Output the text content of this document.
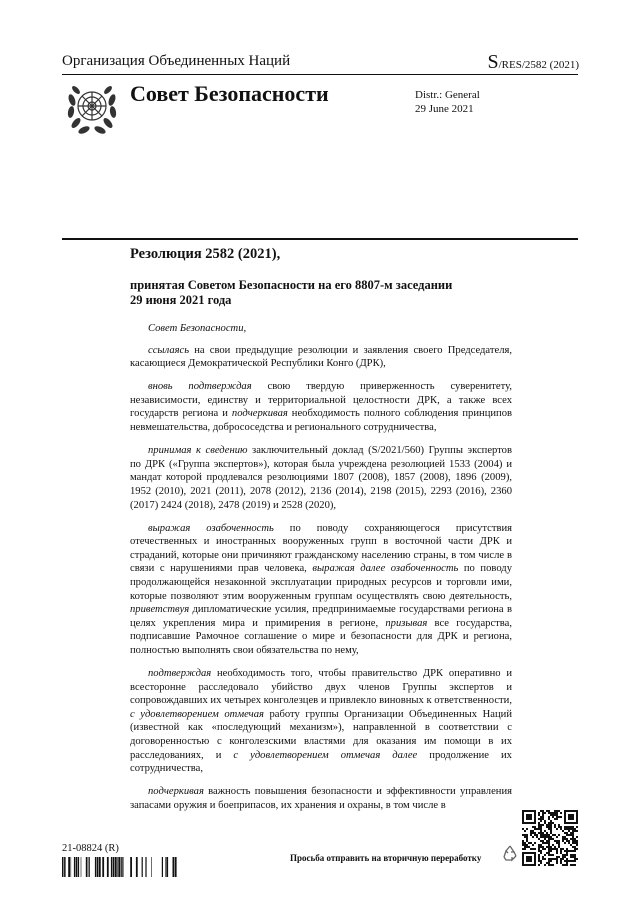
Организация Объединенных Наций	S/RES/2582 (2021)
Совет Безопасности	Distr.: General
29 June 2021
Резолюция 2582 (2021),
принятая Советом Безопасности на его 8807-м заседании
29 июня 2021 года

Совет Безопасности,

ссылаясь на свои предыдущие резолюции и заявления своего Председателя, касающиеся Демократической Республики Конго (ДРК),

вновь подтверждая свою твердую приверженность суверенитету, независимости, единству и территориальной целостности ДРК, а также всех государств региона и подчеркивая необходимость полного соблюдения принципов невмешательства, добрососедства и регионального сотрудничества,

принимая к сведению заключительный доклад (S/2021/560) Группы экспертов по ДРК («Группа экспертов»), которая была учреждена резолюцией 1533 (2004) и мандат которой продлевался резолюциями 1807 (2008), 1857 (2008), 1896 (2009), 1952 (2010), 2021 (2011), 2078 (2012), 2136 (2014), 2198 (2015), 2293 (2016), 2360 (2017) 2424 (2018), 2478 (2019) и 2528 (2020),

выражая озабоченность по поводу сохраняющегося присутствия отечественных и иностранных вооруженных групп в восточной части ДРК и страданий, которые они причиняют гражданскому населению страны, в том числе в связи с нарушениями прав человека, выражая далее озабоченность по поводу продолжающейся незаконной эксплуатации природных ресурсов и торговли ими, которые позволяют этим вооруженным группам осуществлять свою деятельность, приветствуя дипломатические усилия, предпринимаемые государствами региона в целях укрепления мира и примирения в регионе, призывая все государства, подписавшие Рамочное соглашение о мире и безопасности для ДРК и региона, полностью выполнять свои обязательства по нему,

подтверждая необходимость того, чтобы правительство ДРК оперативно и всесторонне расследовало убийство двух членов Группы экспертов и сопровождавших их четырех конголезцев и привлекло виновных к ответственности, с удовлетворением отмечая работу группы Организации Объединенных Наций (известной как «последующий механизм»), направленной в соответствии с договоренностью с конголезскими властями для оказания им помощи в их расследованиях, и с удовлетворением отмечая далее продолжение их сотрудничества,

подчеркивая важность повышения безопасности и эффективности управления запасами оружия и боеприпасов, их хранения и охраны, в том числе в

21-08824 (R)
Просьба отправить на вторичную переработку
